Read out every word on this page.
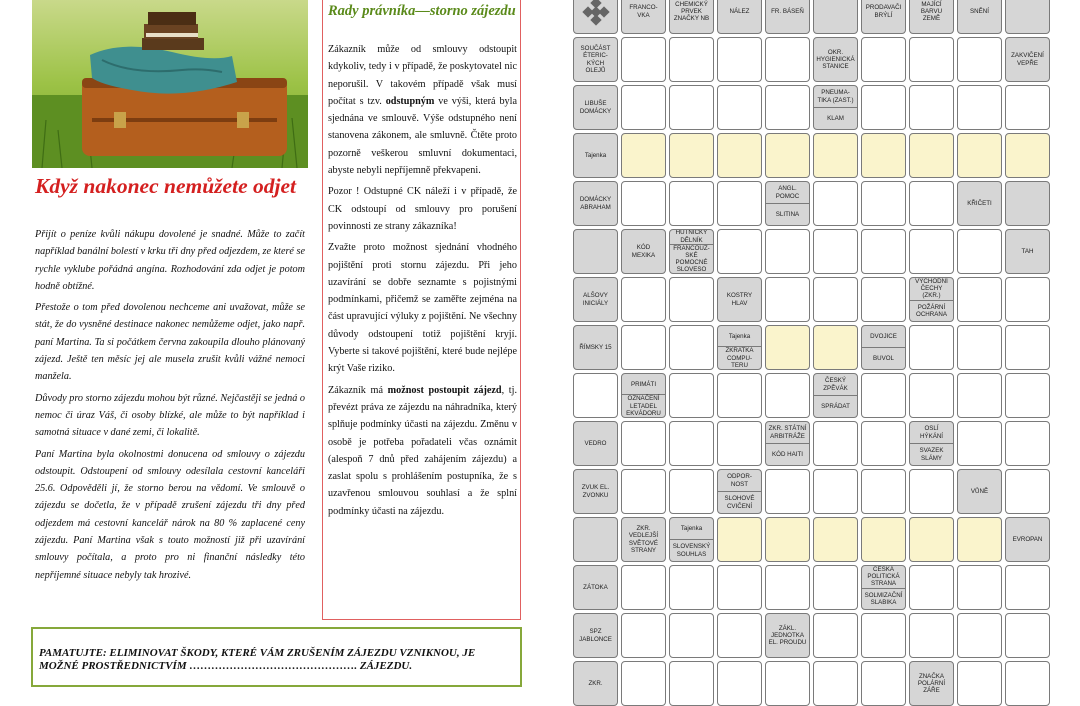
Když nakonec nemůžete odjet

Přijít o peníze kvůli nákupu dovolené je snadné. Může to začít například banální bolestí v krku tři dny před odjezdem, ze které se rychle vyklube pořádná angína. Rozhodování zda odjet je potom hodně obtížné.

Přestože o tom před dovolenou nechceme ani uvažovat, může se stát, že do vysněné destinace nakonec nemůžeme odjet, jako např. paní Martina. Ta si počátkem června zakoupila dlouho plánovaný zájezd. Ještě ten měsíc jej ale musela zrušit kvůli vážné nemoci manžela.

Důvody pro storno zájezdu mohou být různé. Nejčastěji se jedná o nemoc či úraz Váš, či osoby blízké, ale může to být například i samotná situace v dané zemi, či lokalitě.

Paní Martina byla okolnostmi donucena od smlouvy o zájezdu odstoupit. Odstoupení od smlouvy odesílala cestovní kanceláři 25.6. Odpověděli jí, že storno berou na vědomí. Ve smlouvě o zájezdu se dočetla, že v případě zrušení zájezdu tři dny před odjezdem má cestovní kancelář nárok na 80 % zaplacené ceny zájezdu. Paní Martina však s touto možností již při uzavírání smlouvy počítala, a proto pro ni finanční následky této nepříjemné situace nebyly tak hrozivé.

Rady právníka—storno zájezdu

Zákazník může od smlouvy odstoupit kdykoliv, tedy i v případě, že poskytovatel nic neporušil. V takovém případě však musí počítat s tzv. odstupným ve výši, která byla sjednána ve smlouvě. Výše odstupného není stanovena zákonem, ale smluvně. Čtěte proto pozorně veškerou smluvní dokumentaci, abyste nebyli nepříjemně překvapeni.

Pozor ! Odstupné CK náleží i v případě, že CK odstoupí od smlouvy pro porušení povinnosti ze strany zákazníka!

Zvažte proto možnost sjednání vhodného pojištění proti stornu zájezdu. Při jeho uzavírání se dobře seznamte s pojistnými podmínkami, přičemž se zaměřte zejména na část upravující výluky z pojištění. Ne všechny důvody odstoupení totiž pojištění kryjí. Vyberte si takové pojištění, které bude nejlépe krýt Vaše riziko.

Zákazník má možnost postoupit zájezd, tj. převézt práva ze zájezdu na náhradníka, který splňuje podmínky účasti na zájezdu. Změnu v osobě je potřeba pořadateli včas oznámit (alespoň 7 dnů před zahájením zájezdu) a zaslat spolu s prohlášením postupníka, že s uzavřenou smlouvou souhlasí a že splní podmínky účasti na zájezdu.

PAMATUJTE: ELIMINOVAT ŠKODY, KTERÉ VÁM ZRUŠENÍM ZÁJEZDU VZNIKNOU, JE MOŽNÉ PROSTŘEDNICTVÍM ………………………………………. ZÁJEZDU.
FRANCO-
VKA
CHEMICKÝ
PRVEK
ZNAČKY NB
NÁLEZ	FR. BÁSEŇ
PRODAVAČI
BRÝLÍ
MAJÍCÍ
BARVU
ZEMĚ
SNĚNÍ
SOUČÁST
ÉTERIC-
KÝCH
OLEJŮ
OKR.
HYGIENICKÁ
STANICE
ZAKVIČENÍ
VEPŘE
LIBUŠE
DOMÁCKY
PNEUMA-
TIKA (ZAST.)
KLAM
Tajenka
DOMÁCKY
ABRAHAM
ANGL.
POMOC
SLITINA
KŘIČETI
KÓD
MEXIKA
HUTNICKÝ
DĚLNÍK
FRANCOUZ-
SKÉ POMOCNÉ
SLOVESO
TAH
ALŠOVY
INICIÁLY
KOSTRY
HLAV
VÝCHODNÍ
ČECHY
(ZKR.)
POŽÁRNÍ
OCHRANA
ŘÍMSKY 15
Tajenka
ZKRATKA
COMPU-
TERU
DVOJICE
BUVOL
PRIMÁTI
OZNAČENÍ
LETADEL
EKVÁDORU
ČESKÝ
ZPĚVÁK
SPRÁDAT
VEDRO
ZKR. STÁTNÍ
ARBITRÁŽE
KÓD HAITI
OSLÍ
HÝKÁNÍ
SVAZEK
SLÁMY
ZVUK EL.
ZVONKU
ODPOR-
NOST
SLOHOVÉ
CVIČENÍ
VŮNĚ
ZKR.
VEDLEJŠÍ
SVĚTOVÉ
STRANY
Tajenka
SLOVENSKÝ
SOUHLAS
EVROPAN
ZÁTOKA
ČESKÁ
POLITICKÁ
STRANA
SOLMIZAČNÍ
SLABIKA
SPZ
JABLONCE
ZÁKL.
JEDNOTKA
EL. PROUDU
ZKR.
ZNAČKA
POLÁRNÍ ZÁŘE
